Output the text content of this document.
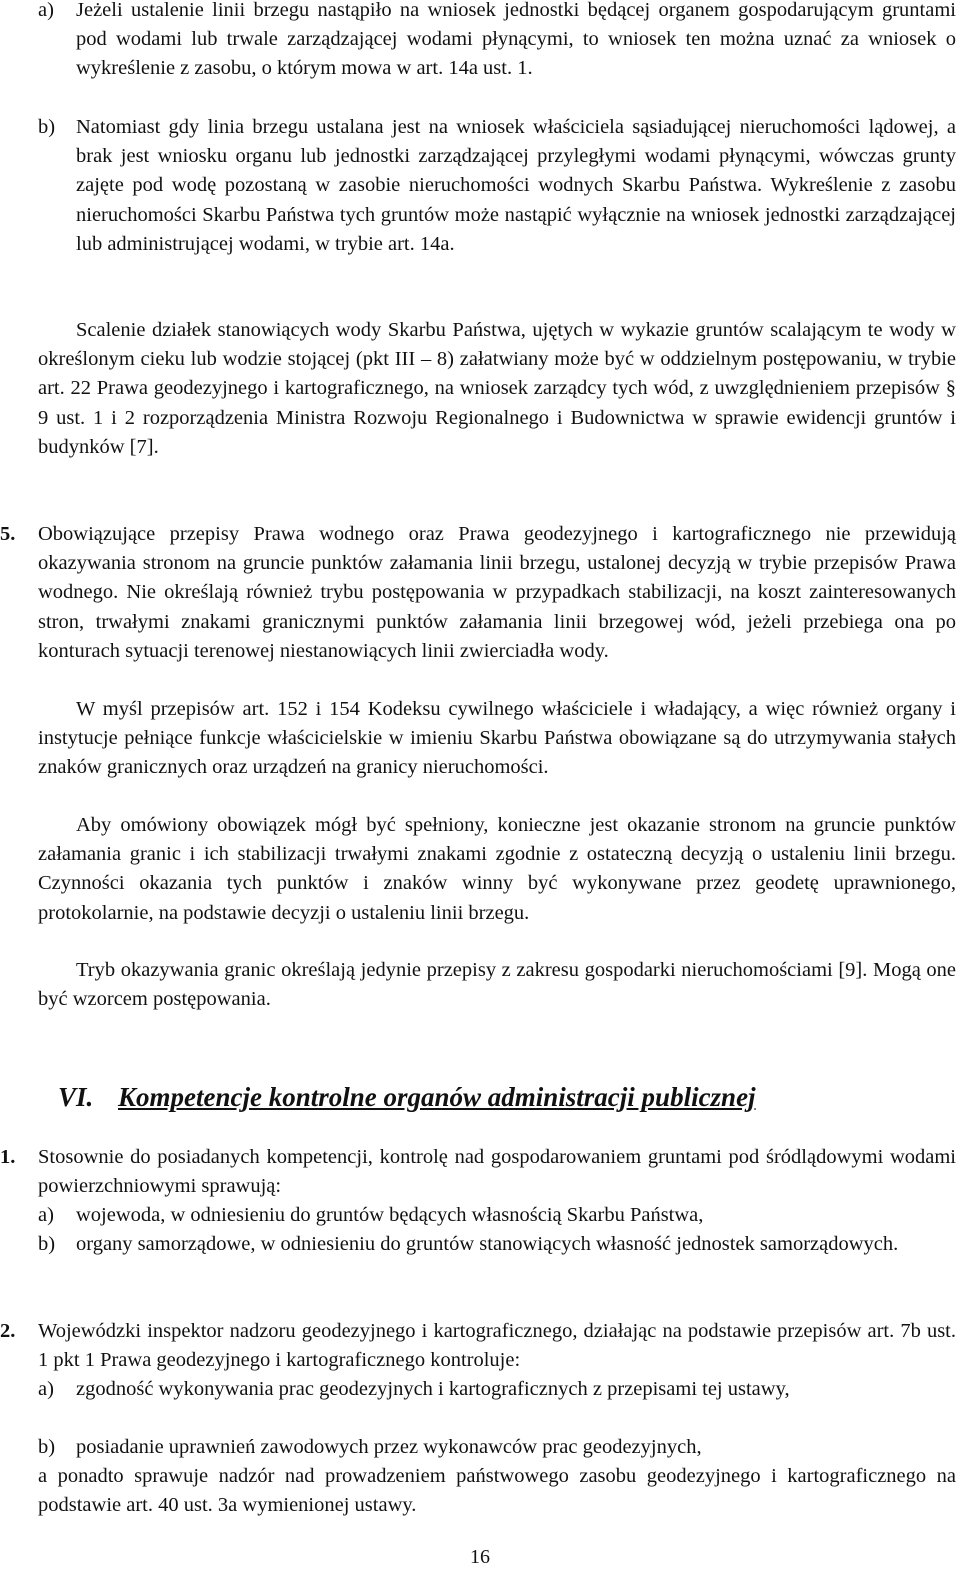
a) Jeżeli ustalenie linii brzegu nastąpiło na wniosek jednostki będącej organem gospodarującym gruntami pod wodami lub trwale zarządzającej wodami płynącymi, to wniosek ten można uznać za wniosek o wykreślenie z zasobu, o którym mowa w art. 14a ust. 1.
b) Natomiast gdy linia brzegu ustalana jest na wniosek właściciela sąsiadującej nieruchomości lądowej, a brak jest wniosku organu lub jednostki zarządzającej przyległymi wodami płynącymi, wówczas grunty zajęte pod wodę pozostaną w zasobie nieruchomości wodnych Skarbu Państwa. Wykreślenie z zasobu nieruchomości Skarbu Państwa tych gruntów może nastąpić wyłącznie na wniosek jednostki zarządzającej lub administrującej wodami, w trybie art. 14a.
Scalenie działek stanowiących wody Skarbu Państwa, ujętych w wykazie gruntów scalającym te wody w określonym cieku lub wodzie stojącej (pkt III – 8) załatwiany może być w oddzielnym postępowaniu, w trybie art. 22 Prawa geodezyjnego i kartograficznego, na wniosek zarządcy tych wód, z uwzględnieniem przepisów § 9 ust. 1 i 2 rozporządzenia Ministra Rozwoju Regionalnego i Budownictwa w sprawie ewidencji gruntów i budynków [7].
5. Obowiązujące przepisy Prawa wodnego oraz Prawa geodezyjnego i kartograficznego nie przewidują okazywania stronom na gruncie punktów załamania linii brzegu, ustalonej decyzją w trybie przepisów Prawa wodnego. Nie określają również trybu postępowania w przypadkach stabilizacji, na koszt zainteresowanych stron, trwałymi znakami granicznymi punktów załamania linii brzegowej wód, jeżeli przebiega ona po konturach sytuacji terenowej niestanowiących linii zwierciadła wody.
W myśl przepisów art. 152 i 154 Kodeksu cywilnego właściciele i władający, a więc również organy i instytucje pełniące funkcje właścicielskie w imieniu Skarbu Państwa obowiązane są do utrzymywania stałych znaków granicznych oraz urządzeń na granicy nieruchomości.
Aby omówiony obowiązek mógł być spełniony, konieczne jest okazanie stronom na gruncie punktów załamania granic i ich stabilizacji trwałymi znakami zgodnie z ostateczną decyzją o ustaleniu linii brzegu. Czynności okazania tych punktów i znaków winny być wykonywane przez geodetę uprawnionego, protokolarnie, na podstawie decyzji o ustaleniu linii brzegu.
Tryb okazywania granic określają jedynie przepisy z zakresu gospodarki nieruchomościami [9]. Mogą one być wzorcem postępowania.
VI. Kompetencje kontrolne organów administracji publicznej
1. Stosownie do posiadanych kompetencji, kontrolę nad gospodarowaniem gruntami pod śródlądowymi wodami powierzchniowymi sprawują:
a) wojewoda, w odniesieniu do gruntów będących własnością Skarbu Państwa,
b) organy samorządowe, w odniesieniu do gruntów stanowiących własność jednostek samorządowych.
2. Wojewódzki inspektor nadzoru geodezyjnego i kartograficznego, działając na podstawie przepisów art. 7b ust. 1 pkt 1 Prawa geodezyjnego i kartograficznego kontroluje:
a) zgodność wykonywania prac geodezyjnych i kartograficznych z przepisami tej ustawy,
b) posiadanie uprawnień zawodowych przez wykonawców prac geodezyjnych,
a ponadto sprawuje nadzór nad prowadzeniem państwowego zasobu geodezyjnego i kartograficznego na podstawie art. 40 ust. 3a wymienionej ustawy.
16
